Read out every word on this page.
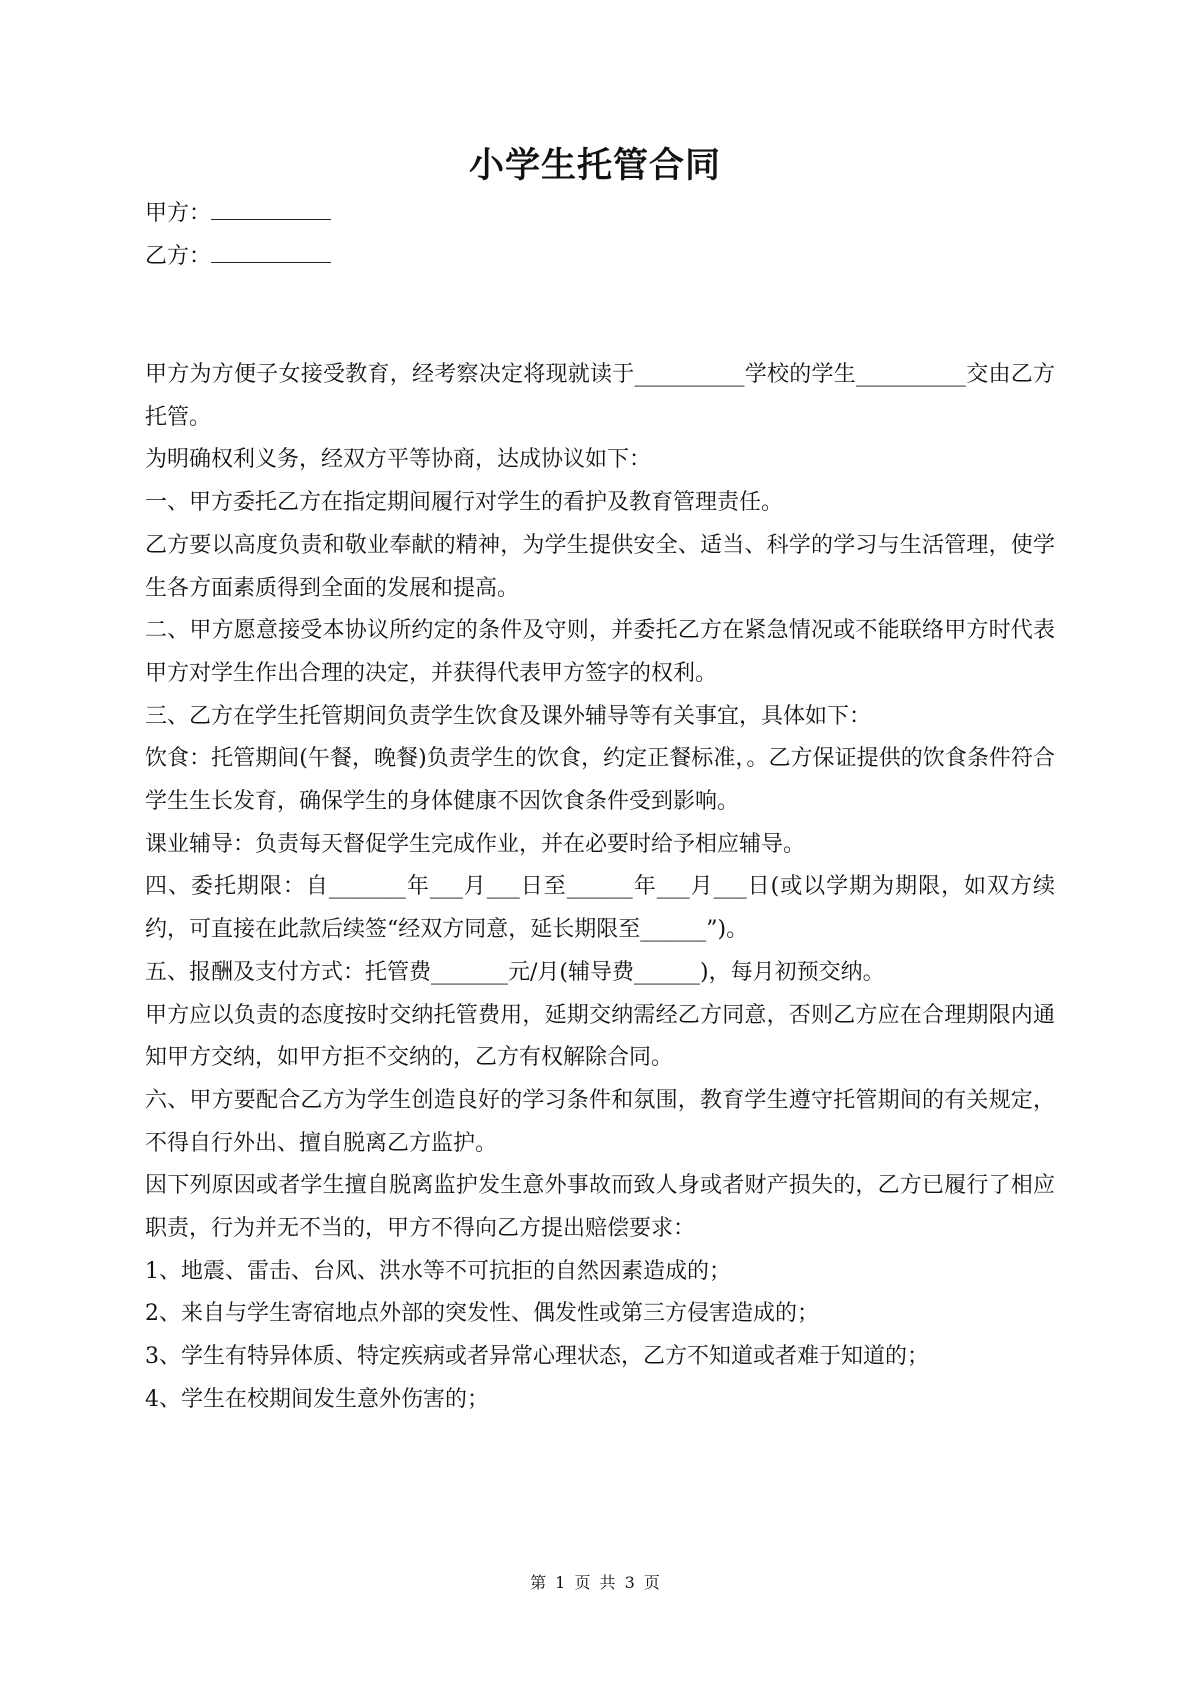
小学生托管合同
甲方：
乙方：

甲方为方便子女接受教育，经考察决定将现就读于__________学校的学生__________交由乙方托管。

为明确权利义务，经双方平等协商，达成协议如下：

一、甲方委托乙方在指定期间履行对学生的看护及教育管理责任。

乙方要以高度负责和敬业奉献的精神，为学生提供安全、适当、科学的学习与生活管理，使学生各方面素质得到全面的发展和提高。

二、甲方愿意接受本协议所约定的条件及守则，并委托乙方在紧急情况或不能联络甲方时代表甲方对学生作出合理的决定，并获得代表甲方签字的权利。

三、乙方在学生托管期间负责学生饮食及课外辅导等有关事宜，具体如下：

饮食：托管期间(午餐，晚餐)负责学生的饮食，约定正餐标准，。乙方保证提供的饮食条件符合学生生长发育，确保学生的身体健康不因饮食条件受到影响。

课业辅导：负责每天督促学生完成作业，并在必要时给予相应辅导。

四、委托期限：自_______年___月___日至______年___月___日(或以学期为期限，如双方续约，可直接在此款后续签“经双方同意，延长期限至______”)。

五、报酬及支付方式：托管费_______元/月(辅导费______)，每月初预交纳。

甲方应以负责的态度按时交纳托管费用，延期交纳需经乙方同意，否则乙方应在合理期限内通知甲方交纳，如甲方拒不交纳的，乙方有权解除合同。

六、甲方要配合乙方为学生创造良好的学习条件和氛围，教育学生遵守托管期间的有关规定，不得自行外出、擅自脱离乙方监护。

因下列原因或者学生擅自脱离监护发生意外事故而致人身或者财产损失的，乙方已履行了相应职责，行为并无不当的，甲方不得向乙方提出赔偿要求：

1、地震、雷击、台风、洪水等不可抗拒的自然因素造成的；

2、来自与学生寄宿地点外部的突发性、偶发性或第三方侵害造成的；

3、学生有特异体质、特定疾病或者异常心理状态，乙方不知道或者难于知道的；

4、学生在校期间发生意外伤害的；

第 1 页 共 3 页
